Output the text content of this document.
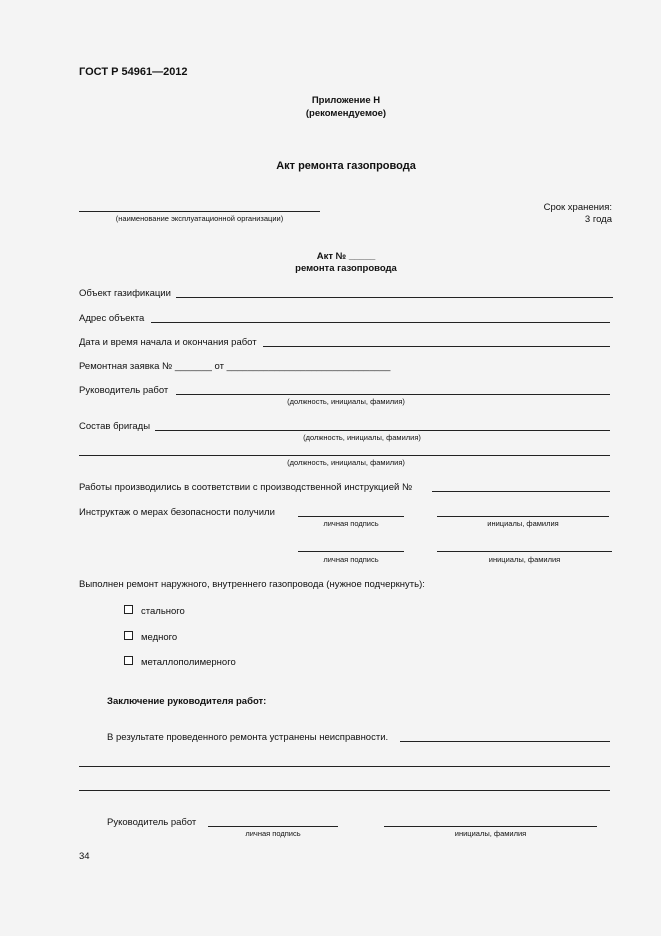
ГОСТ Р 54961—2012
Приложение Н
(рекомендуемое)
Акт ремонта газопровода
(наименование эксплуатационной организации)
Срок хранения:
3 года
Акт № _____
ремонта газопровода
Объект газификации
Адрес объекта
Дата и время начала и окончания работ
Ремонтная заявка № _______ от _______________________________
Руководитель работ
(должность, инициалы, фамилия)
Состав бригады
(должность, инициалы, фамилия)
(должность, инициалы, фамилия)
Работы производились в соответствии с производственной инструкцией №
Инструктаж о мерах безопасности получили
личная подпись	инициалы, фамилия
личная подпись	инициалы, фамилия
Выполнен ремонт наружного, внутреннего газопровода (нужное подчеркнуть):
стального
медного
металлополимерного
Заключение руководителя работ:
В результате проведенного ремонта устранены неисправности.
Руководитель работ
личная подпись	инициалы, фамилия
34
